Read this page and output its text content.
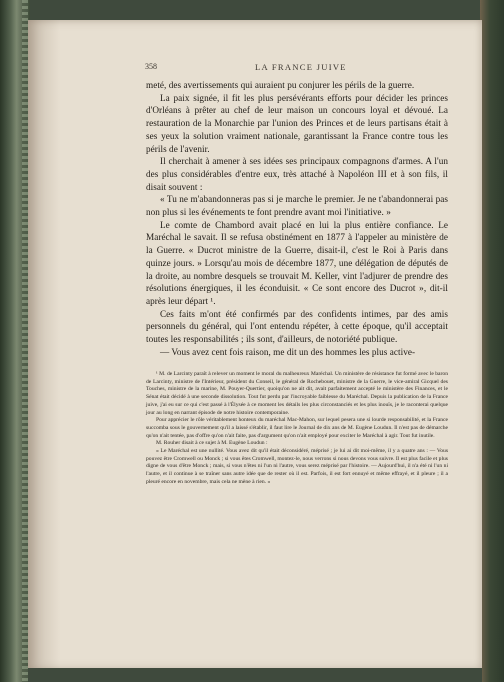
358	LA FRANCE JUIVE

meté, des avertissements qui auraient pu conjurer les périls de la guerre.

La paix signée, il fit les plus persévérants efforts pour décider les princes d'Orléans à prêter au chef de leur maison un concours loyal et dévoué. La restauration de la Monarchie par l'union des Princes et de leurs partisans était à ses yeux la solution vraiment nationale, garantissant la France contre tous les périls de l'avenir.

Il cherchait à amener à ses idées ses principaux compagnons d'armes. A l'un des plus considérables d'entre eux, très attaché à Napoléon III et à son fils, il disait souvent :

« Tu ne m'abandonneras pas si je marche le premier. Je ne t'abandonnerai pas non plus si les événements te font prendre avant moi l'initiative. »

Le comte de Chambord avait placé en lui la plus entière confiance. Le Maréchal le savait. Il se refusa obstinément en 1877 à l'appeler au ministère de la Guerre. « Ducrot ministre de la Guerre, disait-il, c'est le Roi à Paris dans quinze jours. » Lorsqu'au mois de décembre 1877, une délégation de députés de la droite, au nombre desquels se trouvait M. Keller, vint l'adjurer de prendre des résolutions énergiques, il les éconduisit. « Ce sont encore des Ducrot », dit-il après leur départ ¹.

Ces faits m'ont été confirmés par des confidents intimes, par des amis personnels du général, qui l'ont entendu répéter, à cette époque, qu'il acceptait toutes les responsabilités ; ils sont, d'ailleurs, de notoriété publique.

— Vous avez cent fois raison, me dit un des hommes les plus active-

¹ M. de Larcinty paraît à relever un moment le moral du malheureux Maréchal. Un ministère de résistance fut formé avec le baron de Larcinty, ministre de l'Intérieur, président du Conseil, le général de Rochebouet, ministre de la Guerre, le vice-amiral Gicquel des Touches, ministre de la marine, M. Pouyer-Quertier, quoiqu'on ne ait dit, avait parfaitement accepté le ministère des Finances, et le Sénat était décidé à une seconde dissolution. Tout fut perdu par l'incroyable faiblesse du Maréchal. Depuis la publication de la France juive, j'ai eu sur ce qui c'est passé à l'Élysée à ce moment les détails les plus circonstanciés et les plus inouïs, je le raconterai quelque jour au long en narrant épisode de notre histoire contemporaine.

Pour apprécier le rôle véritablement honteux du maréchal Mac-Mahon, sur lequel pesera une si lourde responsabilité, et la France succomba sous le gouvernement qu'il a laissé s'établir, il faut lire le Journal de dix ans de M. Eugène Loudun. Il n'est pas de démarche qu'on n'ait tentée, pas d'offre qu'on n'ait faite, pas d'argument qu'on n'ait employé pour exciter le Maréchal à agir. Tout fut inutile.

M. Rouher disait à ce sujet à M. Eugène Loudun :

« Le Maréchal est une nullité. Vous avez dit qu'il était déconsidéré, méprisé ; je lui ai dit moi-même, il y a quatre ans : — Vous pouvez être Cromwell ou Monck ; si vous êtes Cromwell, montez-le, nous verrons si nous devons vous suivre. Il est plus facile et plus digne de vous d'être Monck ; mais, si vous n'êtes ni l'un ni l'autre, vous serez méprisé par l'histoire. — Aujourd'hui, il n'a été ni l'un ni l'autre, et il continue à se traîner sans autre idée que de rester où il est. Parfois, il est fort ennuyé et même effrayé, et il pleure ; il a pleuré encore en novembre, mais cela ne mène à rien. »
